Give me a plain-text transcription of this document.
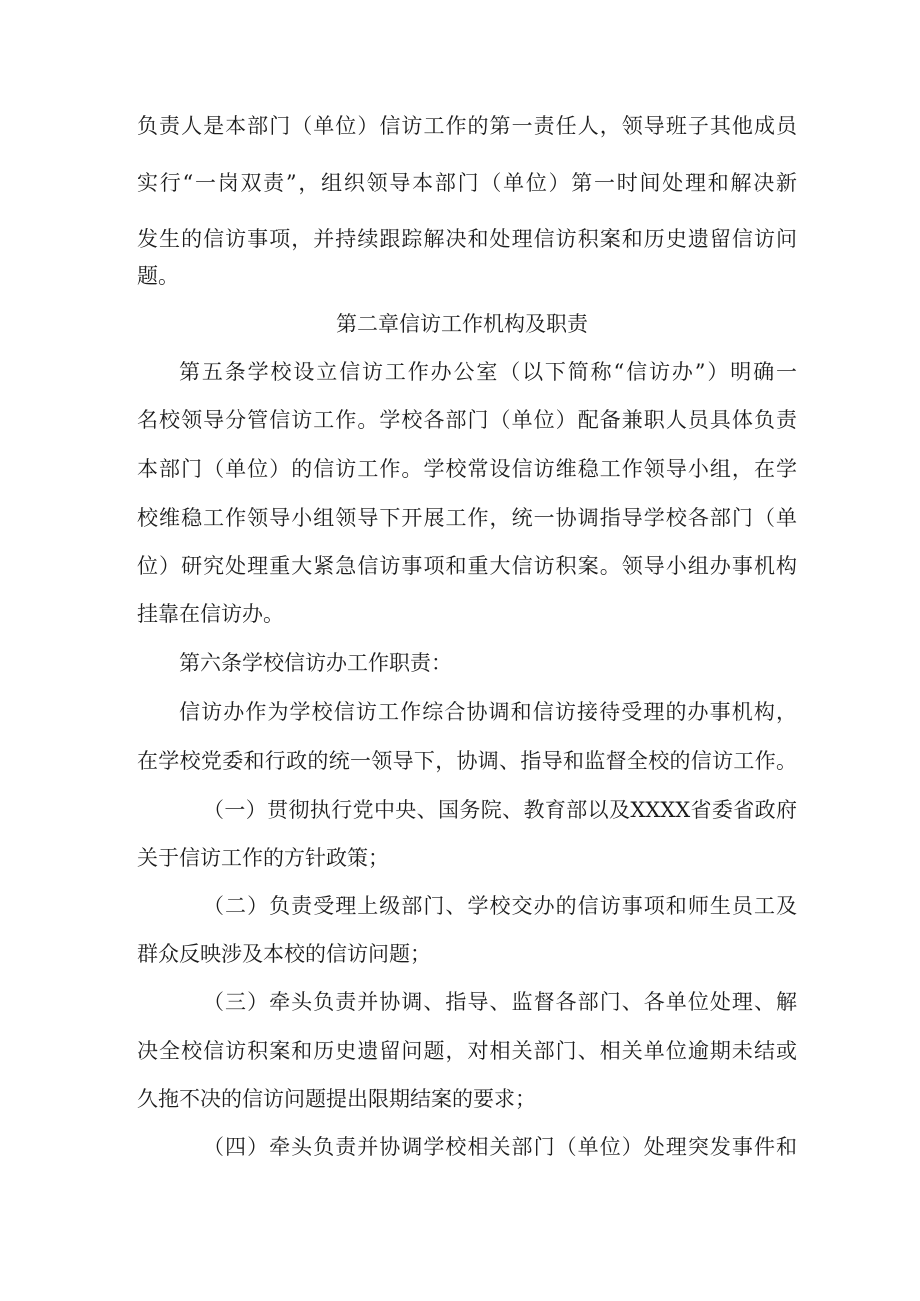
负责人是本部门（单位）信访工作的第一责任人，领导班子其他成员
实行“一岗双责”，组织领导本部门（单位）第一时间处理和解决新
发生的信访事项，并持续跟踪解决和处理信访积案和历史遗留信访问
题。
第二章信访工作机构及职责
第五条学校设立信访工作办公室（以下简称“信访办”）明确一
名校领导分管信访工作。学校各部门（单位）配备兼职人员具体负责
本部门（单位）的信访工作。学校常设信访维稳工作领导小组，在学
校维稳工作领导小组领导下开展工作，统一协调指导学校各部门（单
位）研究处理重大紧急信访事项和重大信访积案。领导小组办事机构
挂靠在信访办。
第六条学校信访办工作职责：
信访办作为学校信访工作综合协调和信访接待受理的办事机构，
在学校党委和行政的统一领导下，协调、指导和监督全校的信访工作。
（一）贯彻执行党中央、国务院、教育部以及XXXX省委省政府
关于信访工作的方针政策；
（二）负责受理上级部门、学校交办的信访事项和师生员工及
群众反映涉及本校的信访问题；
（三）牵头负责并协调、指导、监督各部门、各单位处理、解
决全校信访积案和历史遗留问题，对相关部门、相关单位逾期未结或
久拖不决的信访问题提出限期结案的要求；
（四）牵头负责并协调学校相关部门（单位）处理突发事件和
